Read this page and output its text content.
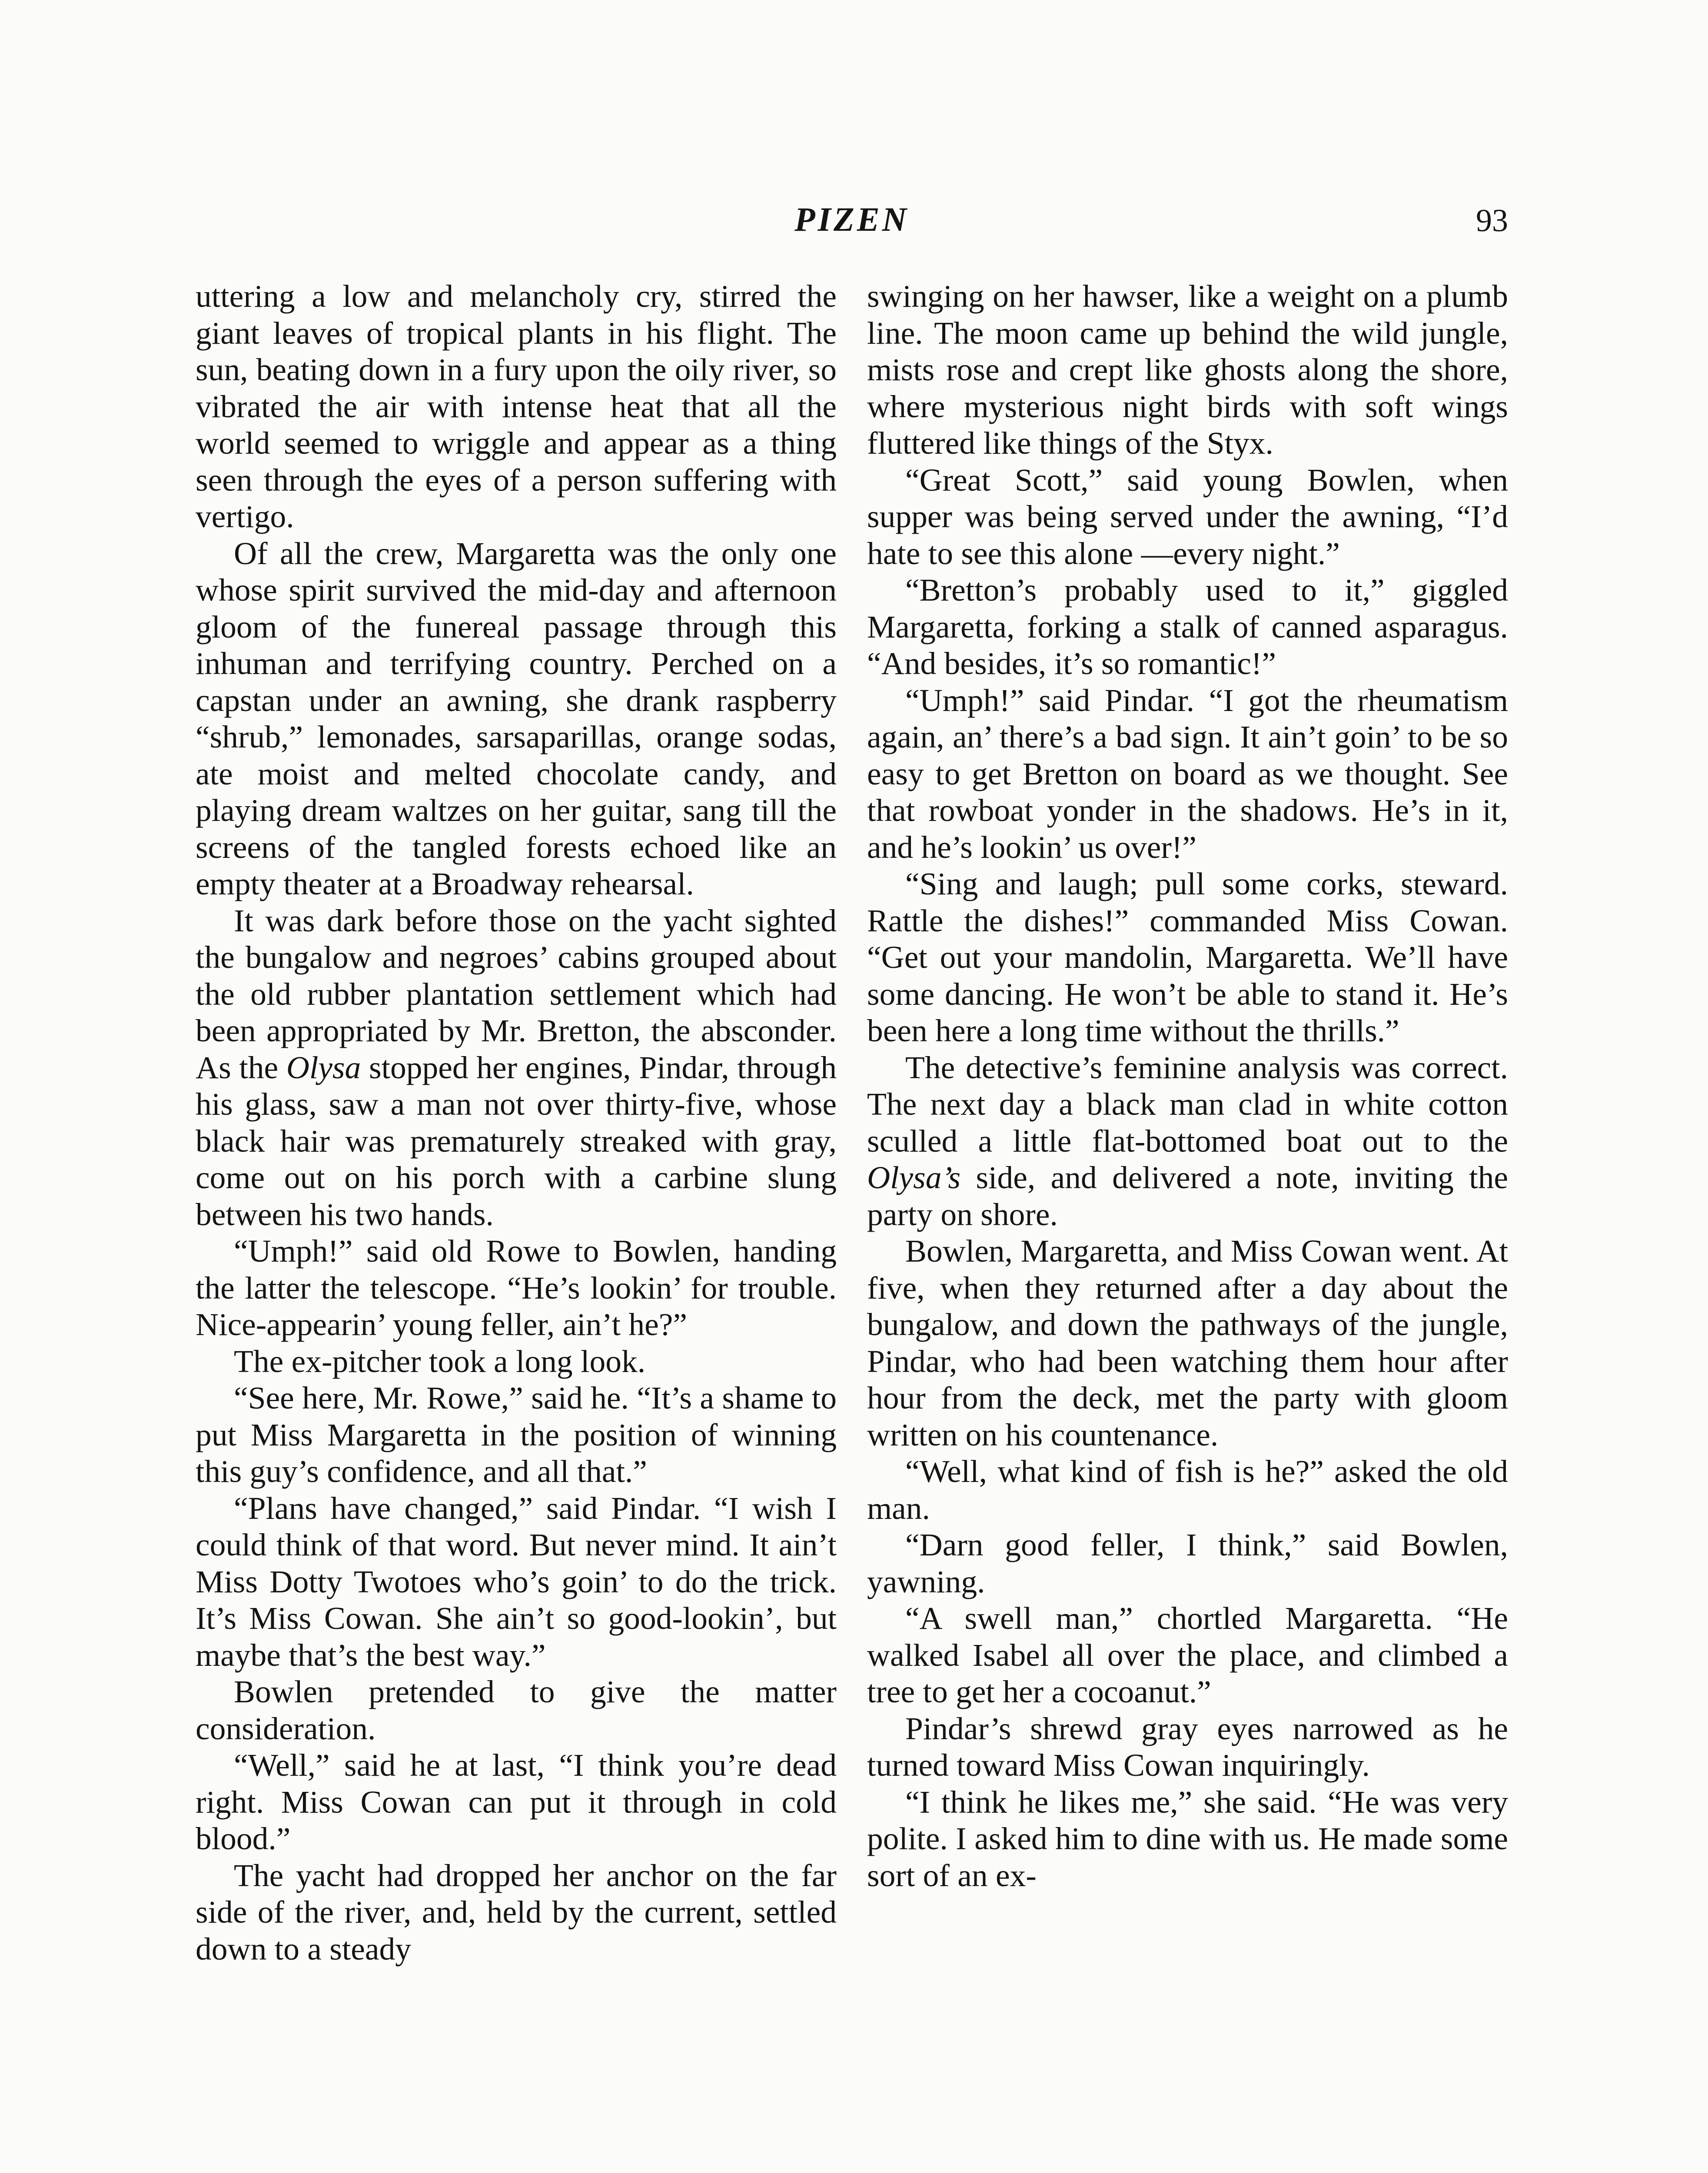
PIZEN	93

uttering a low and melancholy cry, stirred the giant leaves of tropical plants in his flight. The sun, beating down in a fury upon the oily river, so vibrated the air with intense heat that all the world seemed to wriggle and appear as a thing seen through the eyes of a person suffering with vertigo.

Of all the crew, Margaretta was the only one whose spirit survived the mid-day and afternoon gloom of the funereal passage through this inhuman and terrifying country. Perched on a capstan under an awning, she drank raspberry “shrub,” lemonades, sarsaparillas, orange sodas, ate moist and melted chocolate candy, and playing dream waltzes on her guitar, sang till the screens of the tangled forests echoed like an empty theater at a Broadway rehearsal.

It was dark before those on the yacht sighted the bungalow and negroes’ cabins grouped about the old rubber plantation settlement which had been appropriated by Mr. Bretton, the absconder. As the Olysa stopped her engines, Pindar, through his glass, saw a man not over thirty-five, whose black hair was prematurely streaked with gray, come out on his porch with a carbine slung between his two hands.

“Umph!” said old Rowe to Bowlen, handing the latter the telescope. “He’s lookin’ for trouble. Nice-appearin’ young feller, ain’t he?”

The ex-pitcher took a long look.

“See here, Mr. Rowe,” said he. “It’s a shame to put Miss Margaretta in the position of winning this guy’s confidence, and all that.”

“Plans have changed,” said Pindar. “I wish I could think of that word. But never mind. It ain’t Miss Dotty Twotoes who’s goin’ to do the trick. It’s Miss Cowan. She ain’t so good-lookin’, but maybe that’s the best way.”

Bowlen pretended to give the matter consideration.

“Well,” said he at last, “I think you’re dead right. Miss Cowan can put it through in cold blood.”

The yacht had dropped her anchor on the far side of the river, and, held by the current, settled down to a steady

swinging on her hawser, like a weight on a plumb line. The moon came up behind the wild jungle, mists rose and crept like ghosts along the shore, where mysterious night birds with soft wings fluttered like things of the Styx.

“Great Scott,” said young Bowlen, when supper was being served under the awning, “I’d hate to see this alone —every night.”

“Bretton’s probably used to it,” giggled Margaretta, forking a stalk of canned asparagus. “And besides, it’s so romantic!”

“Umph!” said Pindar. “I got the rheumatism again, an’ there’s a bad sign. It ain’t goin’ to be so easy to get Bretton on board as we thought. See that rowboat yonder in the shadows. He’s in it, and he’s lookin’ us over!”

“Sing and laugh; pull some corks, steward. Rattle the dishes!” commanded Miss Cowan. “Get out your mandolin, Margaretta. We’ll have some dancing. He won’t be able to stand it. He’s been here a long time without the thrills.”

The detective’s feminine analysis was correct. The next day a black man clad in white cotton sculled a little flat-bottomed boat out to the Olysa’s side, and delivered a note, inviting the party on shore.

Bowlen, Margaretta, and Miss Cowan went. At five, when they returned after a day about the bungalow, and down the pathways of the jungle, Pindar, who had been watching them hour after hour from the deck, met the party with gloom written on his countenance.

“Well, what kind of fish is he?” asked the old man.

“Darn good feller, I think,” said Bowlen, yawning.

“A swell man,” chortled Margaretta. “He walked Isabel all over the place, and climbed a tree to get her a cocoanut.”

Pindar’s shrewd gray eyes narrowed as he turned toward Miss Cowan inquiringly.

“I think he likes me,” she said. “He was very polite. I asked him to dine with us. He made some sort of an ex-
